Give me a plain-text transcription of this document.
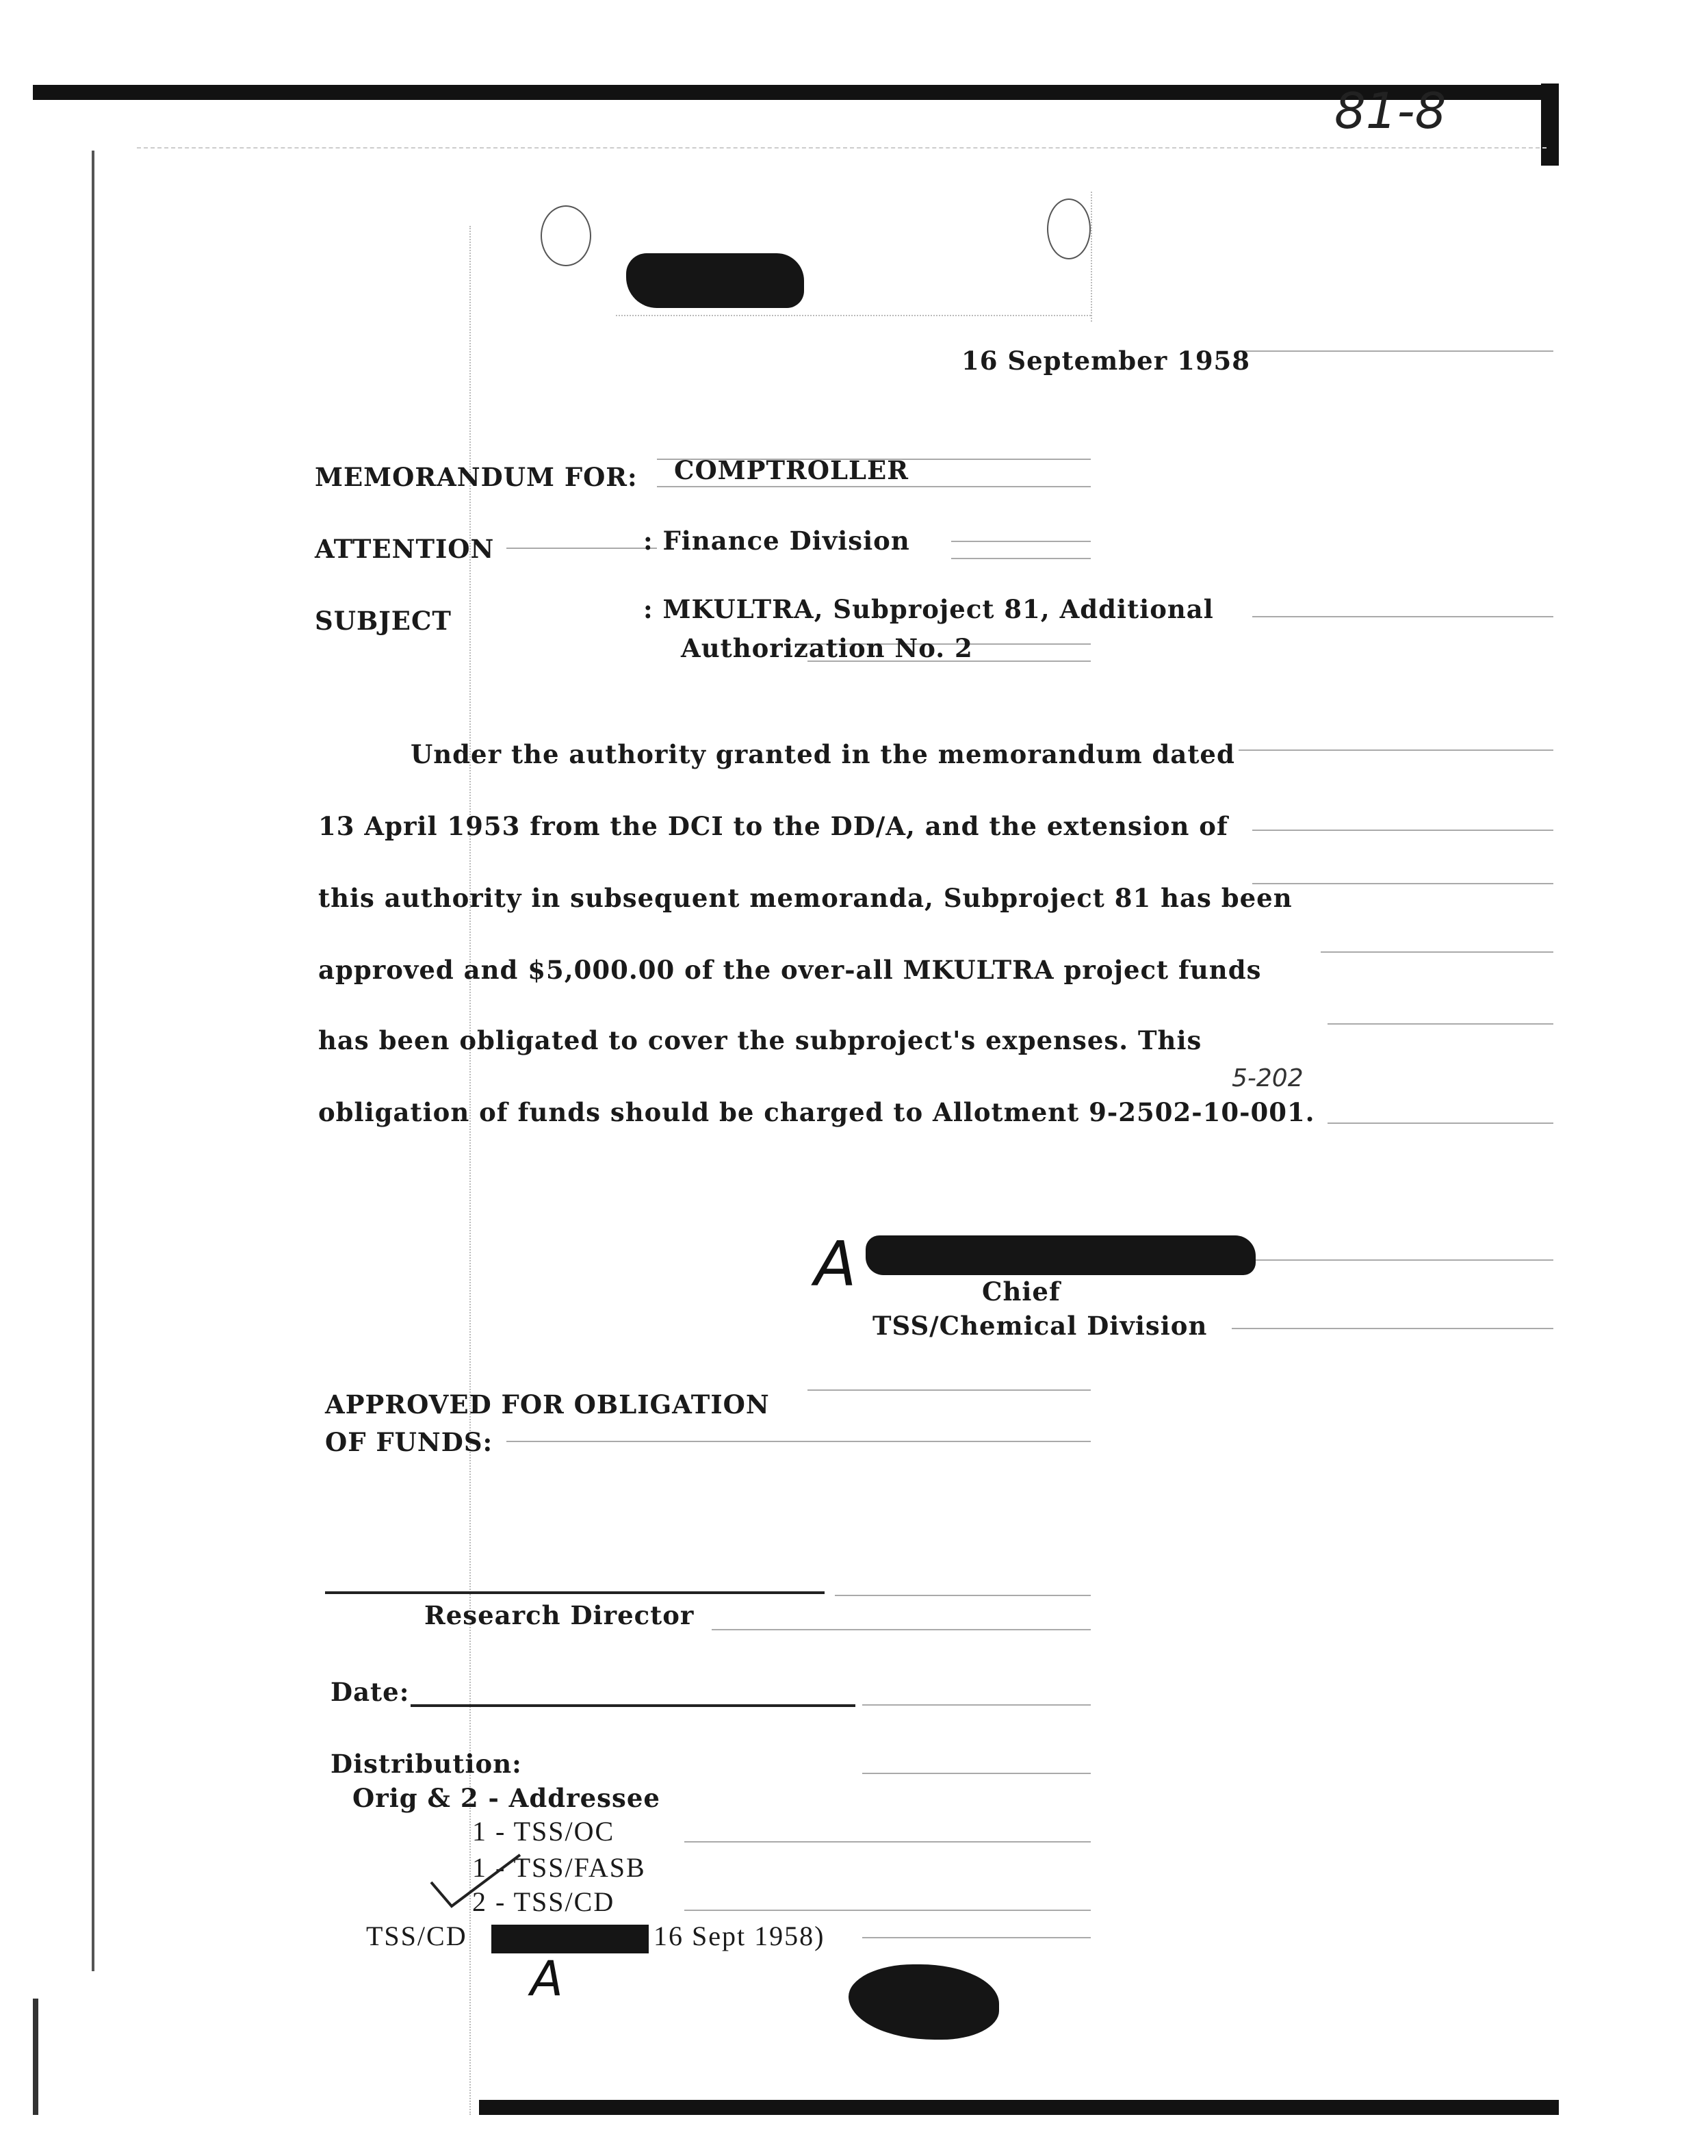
81-8
16 September 1958
MEMORANDUM FOR: COMPTROLLER
ATTENTION	: Finance Division
SUBJECT	: MKULTRA, Subproject 81, Additional
Authorization No. 2
Under the authority granted in the memorandum dated
13 April 1953 from the DCI to the DD/A, and the extension of
this authority in subsequent memoranda, Subproject 81 has been
approved and $5,000.00 of the over-all MKULTRA project funds
has been obligated to cover the subproject's expenses. This
obligation of funds should be charged to Allotment 9-2502-10-001.
5-202
A	Chief
TSS/Chemical Division
APPROVED FOR OBLIGATION
OF FUNDS:
Research Director
Date:
Distribution:
Orig & 2 - Addressee
1 - TSS/OC
1 - TSS/FASB
2 - TSS/CD
TSS/CD	16 Sept 1958)
A
